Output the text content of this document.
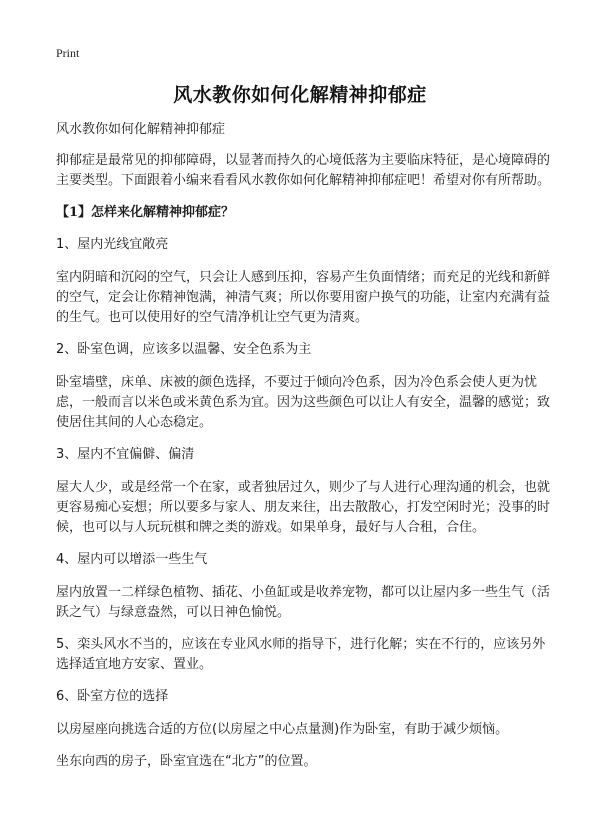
Print
风水教你如何化解精神抑郁症

风水教你如何化解精神抑郁症

抑郁症是最常见的抑郁障碍，以显著而持久的心境低落为主要临床特征，是心境障碍的主要类型。下面跟着小编来看看风水教你如何化解精神抑郁症吧！希望对你有所帮助。

【1】怎样来化解精神抑郁症？

1、屋内光线宜敞亮

室内阴暗和沉闷的空气，只会让人感到压抑，容易产生负面情绪；而充足的光线和新鲜的空气，定会让你精神饱满，神清气爽；所以你要用窗户换气的功能，让室内充满有益的生气。也可以使用好的空气清净机让空气更为清爽。

2、卧室色调，应该多以温馨、安全色系为主

卧室墙壁，床单、床被的颜色选择，不要过于倾向冷色系，因为冷色系会使人更为忧虑，一般而言以米色或米黄色系为宜。因为这些颜色可以让人有安全，温馨的感觉；致使居住其间的人心态稳定。

3、屋内不宜偏僻、偏清

屋大人少，或是经常一个在家，或者独居过久，则少了与人进行心理沟通的机会，也就更容易痴心妄想；所以要多与家人、朋友来往，出去散散心，打发空闲时光；没事的时候，也可以与人玩玩棋和牌之类的游戏。如果单身，最好与人合租，合住。

4、屋内可以增添一些生气

屋内放置一二样绿色植物、插花、小鱼缸或是收养宠物，都可以让屋内多一些生气（活跃之气）与绿意盎然，可以日神色愉悦。

5、栾头风水不当的，应该在专业风水师的指导下，进行化解；实在不行的，应该另外选择适宜地方安家、置业。

6、卧室方位的选择

以房屋座向挑选合适的方位(以房屋之中心点量测)作为卧室，有助于减少烦恼。

坐东向西的房子，卧室宜选在“北方”的位置。
